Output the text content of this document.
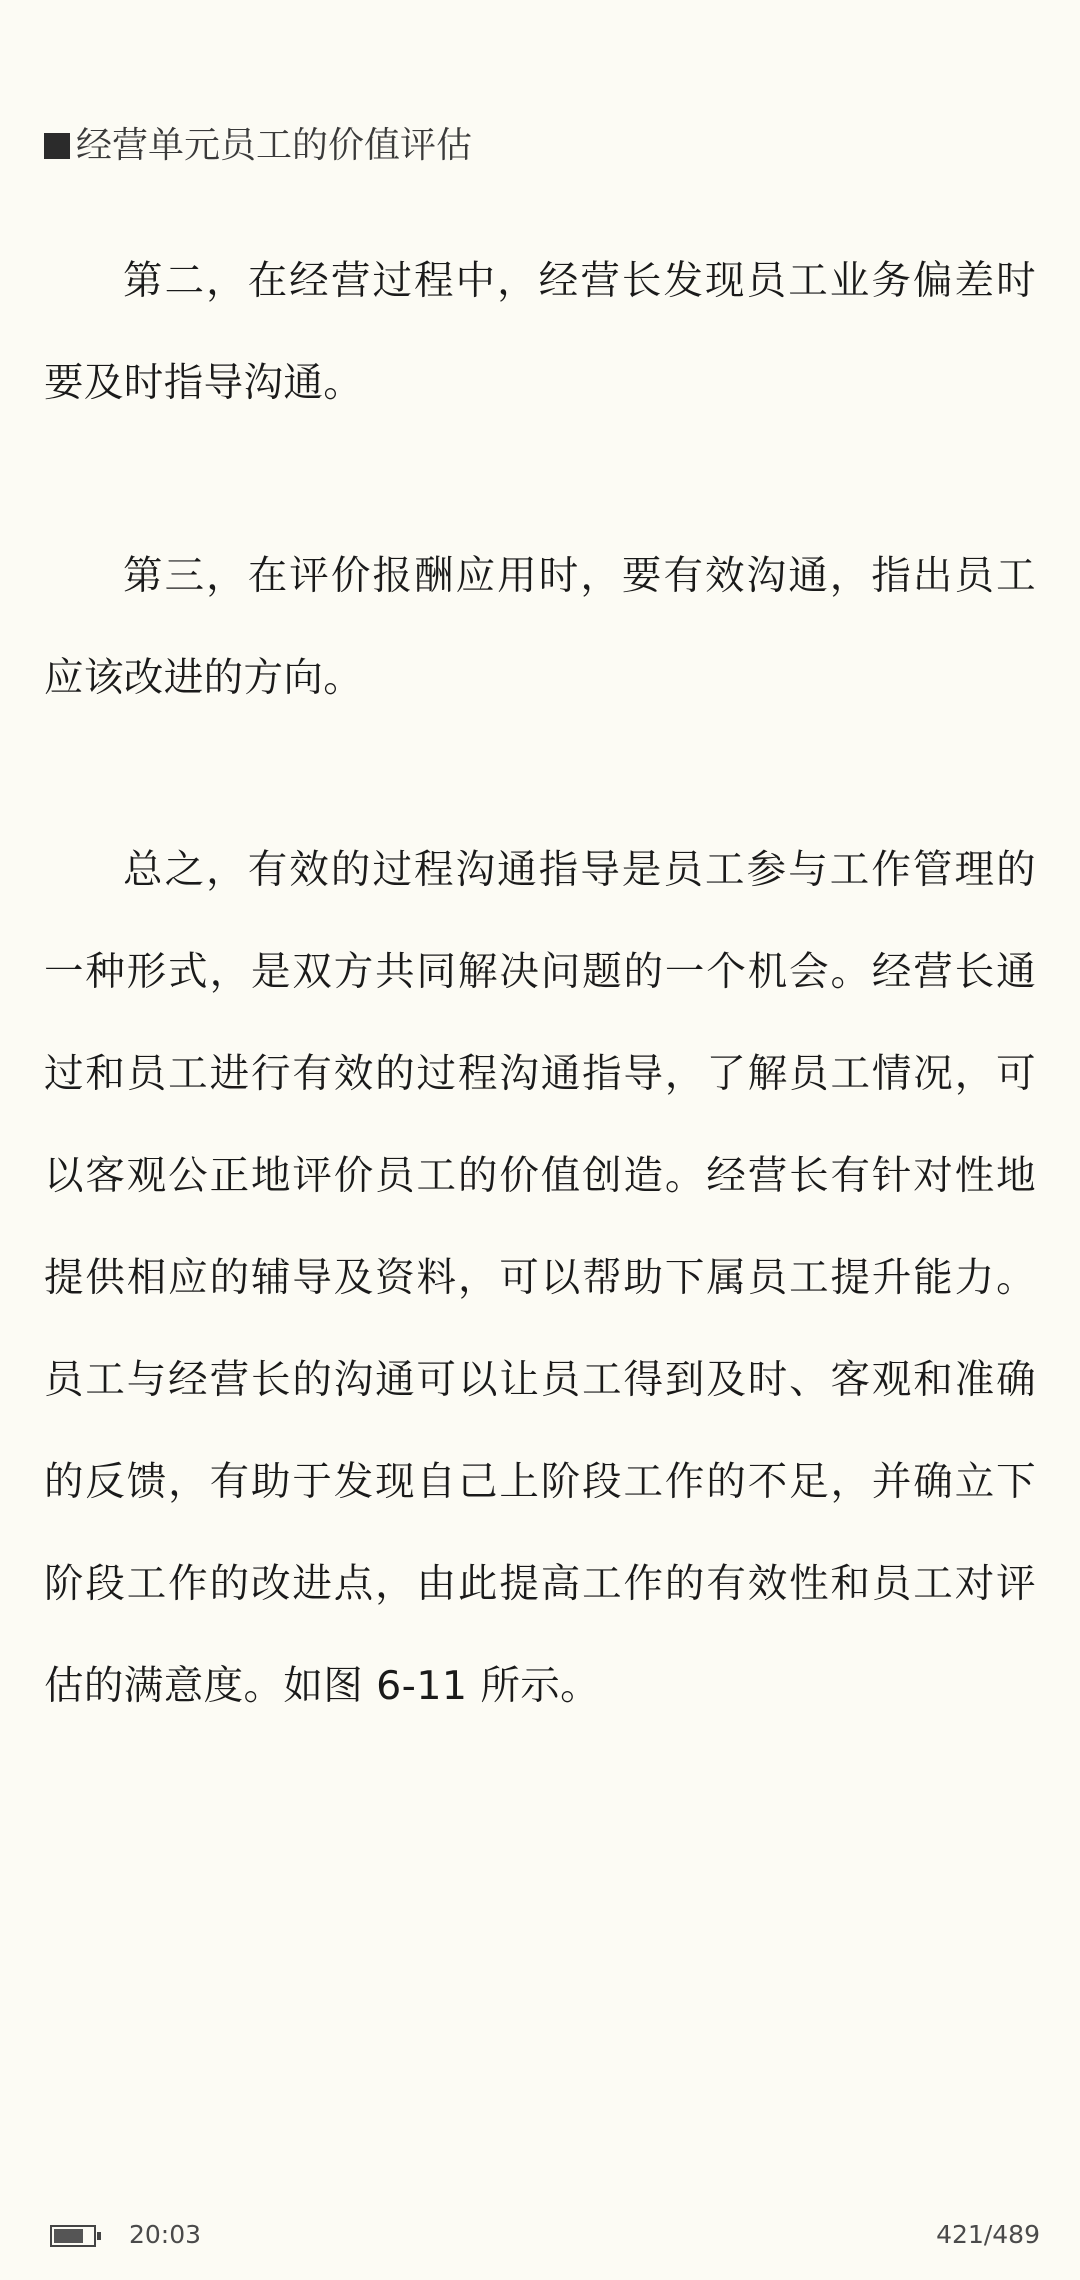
经营单元员工的价值评估

第二，在经营过程中，经营长发现员工业务偏差时要及时指导沟通。

第三，在评价报酬应用时，要有效沟通，指出员工应该改进的方向。

总之，有效的过程沟通指导是员工参与工作管理的一种形式，是双方共同解决问题的一个机会。经营长通过和员工进行有效的过程沟通指导，了解员工情况，可以客观公正地评价员工的价值创造。经营长有针对性地提供相应的辅导及资料，可以帮助下属员工提升能力。员工与经营长的沟通可以让员工得到及时、客观和准确的反馈，有助于发现自己上阶段工作的不足，并确立下阶段工作的改进点，由此提高工作的有效性和员工对评估的满意度。如图 6-11 所示。

20:03	421/489
